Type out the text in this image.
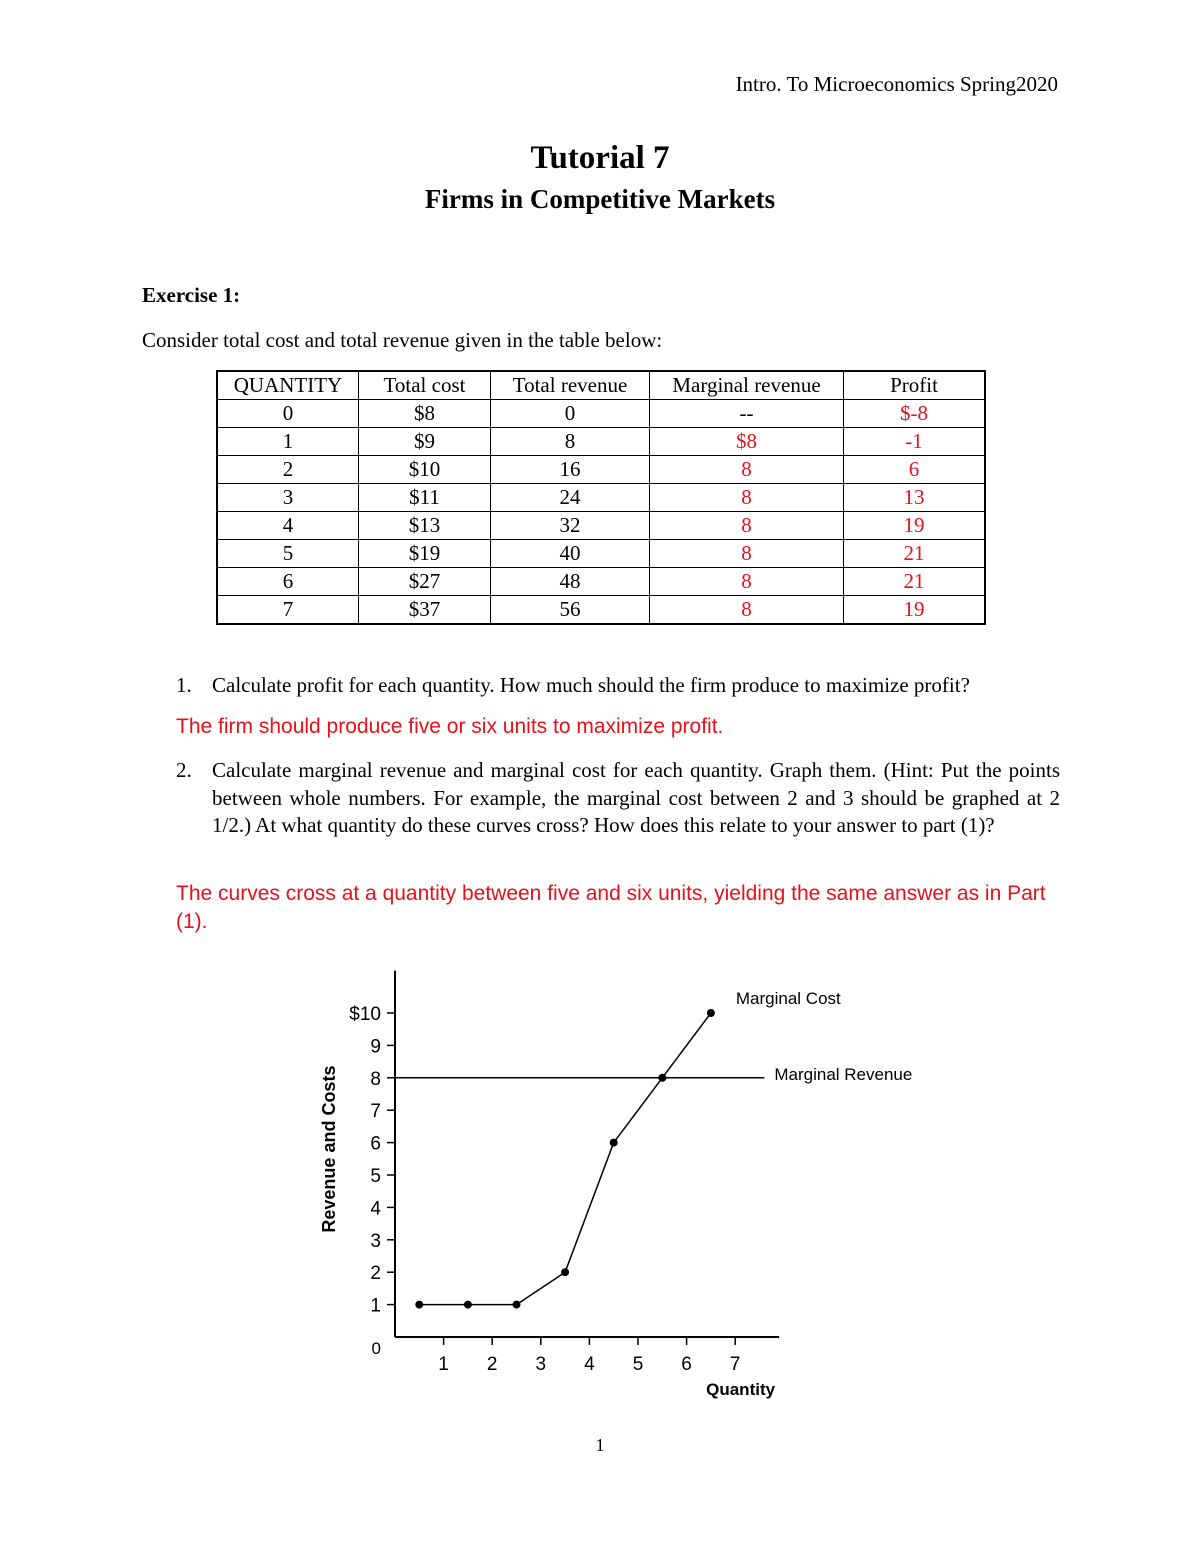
Intro. To Microeconomics Spring2020
Tutorial 7
Firms in Competitive Markets
Exercise 1:
Consider total cost and total revenue given in the table below:
QUANTITY	Total cost	Total revenue	Marginal revenue	Profit
0	$8	0	--	$-8
1	$9	8	$8	-1
2	$10	16	8	6
3	$11	24	8	13
4	$13	32	8	19
5	$19	40	8	21
6	$27	48	8	21
7	$37	56	8	19
1. Calculate profit for each quantity. How much should the firm produce to maximize profit?
The firm should produce five or six units to maximize profit.
2. Calculate marginal revenue and marginal cost for each quantity. Graph them. (Hint: Put the points between whole numbers. For example, the marginal cost between 2 and 3 should be graphed at 2 1/2.) At what quantity do these curves cross? How does this relate to your answer to part (1)?
The curves cross at a quantity between five and six units, yielding the same answer as in Part (1).
1
2
3
4
5
6
7
8
9
$10
1 2 3 4 5 6 7
0
Quantity
Revenue and Costs	Marginal Revenue
Marginal Cost
1
